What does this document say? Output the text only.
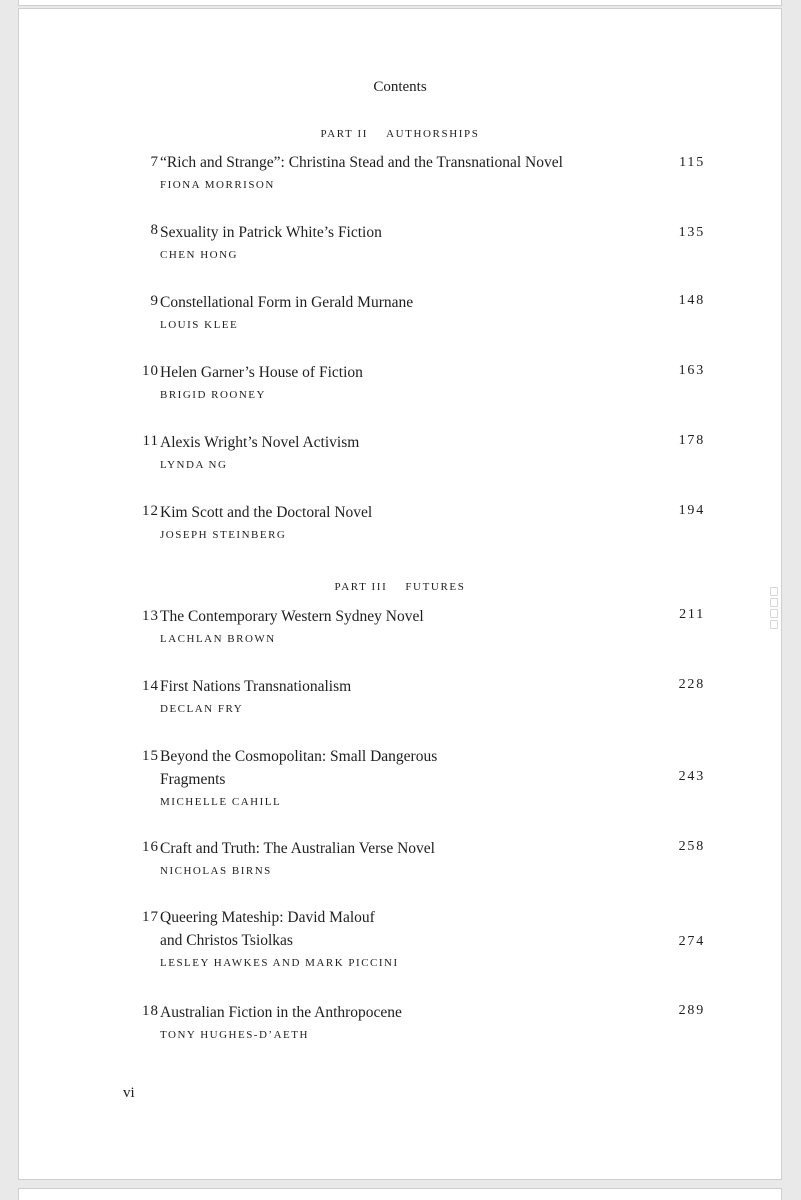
Contents
PART II AUTHORSHIPS
7 “Rich and Strange”: Christina Stead and the Transnational Novel
FIONA MORRISON
115
8 Sexuality in Patrick White’s Fiction
CHEN HONG
135
9 Constellational Form in Gerald Murnane
LOUIS KLEE
148
10 Helen Garner’s House of Fiction
BRIGID ROONEY
163
11 Alexis Wright’s Novel Activism
LYNDA NG
178
12 Kim Scott and the Doctoral Novel
JOSEPH STEINBERG
194
PART III FUTURES
13 The Contemporary Western Sydney Novel
LACHLAN BROWN
211
14 First Nations Transnationalism
DECLAN FRY
228
15 Beyond the Cosmopolitan: Small Dangerous
Fragments
MICHELLE CAHILL
243
16 Craft and Truth: The Australian Verse Novel
NICHOLAS BIRNS
258
17 Queering Mateship: David Malouf
and Christos Tsiolkas
LESLEY HAWKES AND MARK PICCINI
274
18 Australian Fiction in the Anthropocene
TONY HUGHES-D’AETH
289
vi
